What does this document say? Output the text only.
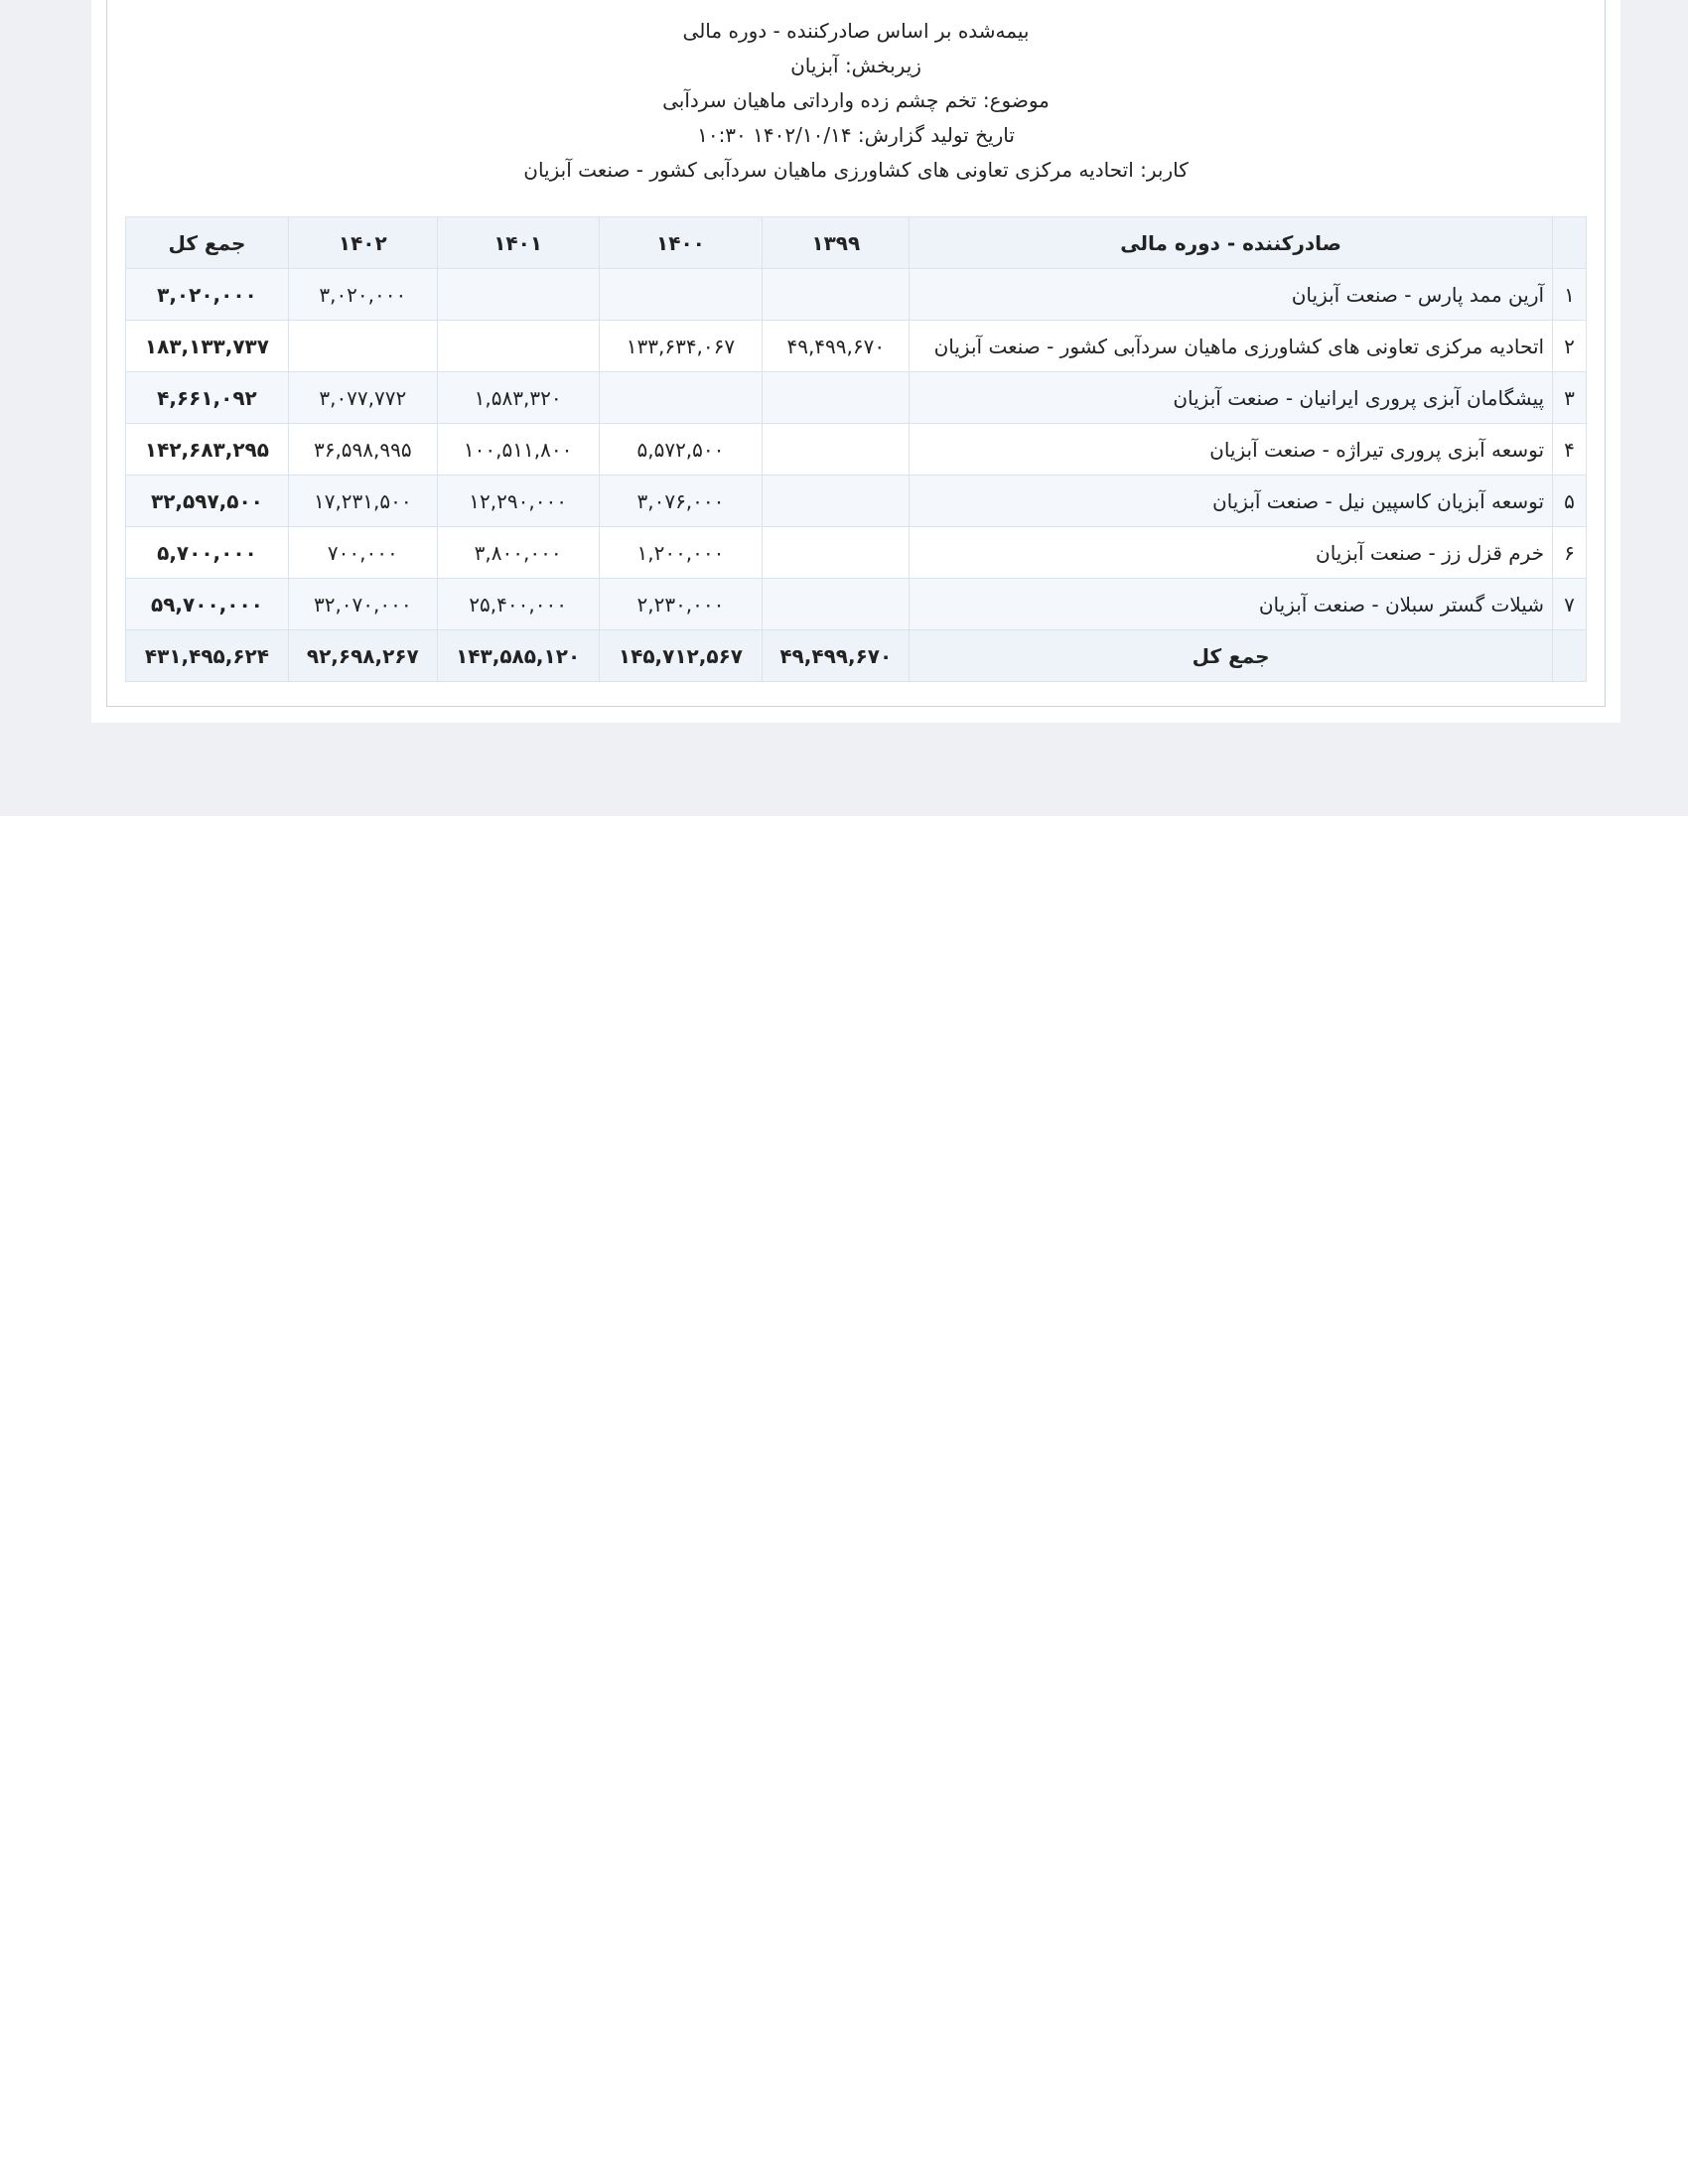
بیمه‌شده بر اساس صادرکننده - دوره مالی
زیربخش: آبزیان
موضوع: تخم چشم زده وارداتی ماهیان سردآبی
تاریخ تولید گزارش: ۱۴۰۲/۱۰/۱۴ ۱۰:۳۰
کاربر: اتحادیه مرکزی تعاونی های کشاورزی ماهیان سردآبی کشور - صنعت آبزیان
	صادرکننده - دوره مالی	۱۳۹۹	۱۴۰۰	۱۴۰۱	۱۴۰۲	جمع کل
۱	آرین ممد پارس - صنعت آبزیان				۳,۰۲۰,۰۰۰	۳,۰۲۰,۰۰۰
۲	اتحادیه مرکزی تعاونی های کشاورزی ماهیان سردآبی کشور - صنعت آبزیان	۴۹,۴۹۹,۶۷۰	۱۳۳,۶۳۴,۰۶۷			۱۸۳,۱۳۳,۷۳۷
۳	پیشگامان آبزی پروری ایرانیان - صنعت آبزیان			۱,۵۸۳,۳۲۰	۳,۰۷۷,۷۷۲	۴,۶۶۱,۰۹۲
۴	توسعه آبزی پروری تیراژه - صنعت آبزیان		۵,۵۷۲,۵۰۰	۱۰۰,۵۱۱,۸۰۰	۳۶,۵۹۸,۹۹۵	۱۴۲,۶۸۳,۲۹۵
۵	توسعه آبزیان کاسپین نیل - صنعت آبزیان		۳,۰۷۶,۰۰۰	۱۲,۲۹۰,۰۰۰	۱۷,۲۳۱,۵۰۰	۳۲,۵۹۷,۵۰۰
۶	خرم قزل زز - صنعت آبزیان		۱,۲۰۰,۰۰۰	۳,۸۰۰,۰۰۰	۷۰۰,۰۰۰	۵,۷۰۰,۰۰۰
۷	شیلات گستر سبلان - صنعت آبزیان		۲,۲۳۰,۰۰۰	۲۵,۴۰۰,۰۰۰	۳۲,۰۷۰,۰۰۰	۵۹,۷۰۰,۰۰۰
	جمع کل	۴۹,۴۹۹,۶۷۰	۱۴۵,۷۱۲,۵۶۷	۱۴۳,۵۸۵,۱۲۰	۹۲,۶۹۸,۲۶۷	۴۳۱,۴۹۵,۶۲۴
